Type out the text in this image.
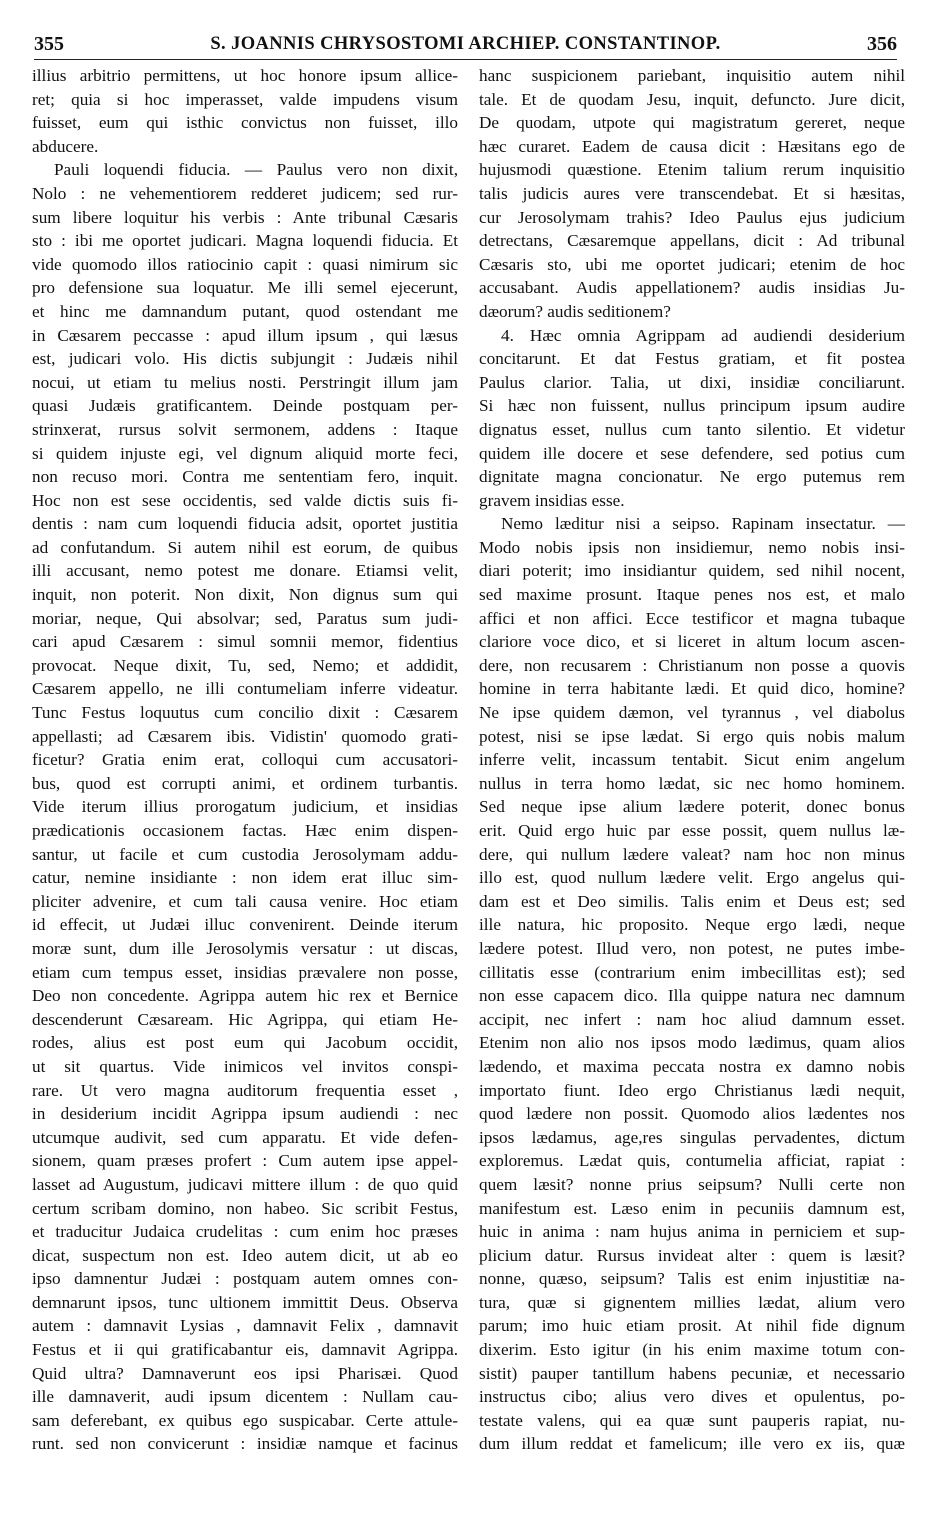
355	S. JOANNIS CHRYSOSTOMI ARCHIEP. CONSTANTINOP.	356
illius arbitrio permittens, ut hoc honore ipsum allice-
ret; quia si hoc imperasset, valde impudens visum
fuisset, eum qui isthic convictus non fuisset, illo
abducere.
Pauli loquendi fiducia. — Paulus vero non dixit,
Nolo : ne vehementiorem redderet judicem; sed rur-
sum libere loquitur his verbis : Ante tribunal Cæsaris
sto : ibi me oportet judicari. Magna loquendi fiducia. Et
vide quomodo illos ratiocinio capit : quasi nimirum sic
pro defensione sua loquatur. Me illi semel ejecerunt,
et hinc me damnandum putant, quod ostendant me
in Cæsarem peccasse : apud illum ipsum , qui læsus
est, judicari volo. His dictis subjungit : Judæis nihil
nocui, ut etiam tu melius nosti. Perstringit illum jam
quasi Judæis gratificantem. Deinde postquam per-
strinxerat, rursus solvit sermonem, addens : Itaque
si quidem injuste egi, vel dignum aliquid morte feci,
non recuso mori. Contra me sententiam fero, inquit.
Hoc non est sese occidentis, sed valde dictis suis fi-
dentis : nam cum loquendi fiducia adsit, oportet justitia
ad confutandum. Si autem nihil est eorum, de quibus
illi accusant, nemo potest me donare. Etiamsi velit,
inquit, non poterit. Non dixit, Non dignus sum qui
moriar, neque, Qui absolvar; sed, Paratus sum judi-
cari apud Cæsarem : simul somnii memor, fidentius
provocat. Neque dixit, Tu, sed, Nemo; et addidit,
Cæsarem appello, ne illi contumeliam inferre videatur.
Tunc Festus loquutus cum concilio dixit : Cæsarem
appellasti; ad Cæsarem ibis. Vidistin' quomodo grati-
ficetur? Gratia enim erat, colloqui cum accusatori-
bus, quod est corrupti animi, et ordinem turbantis.
Vide iterum illius prorogatum judicium, et insidias
prædicationis occasionem factas. Hæc enim dispen-
santur, ut facile et cum custodia Jerosolymam addu-
catur, nemine insidiante : non idem erat illuc sim-
pliciter advenire, et cum tali causa venire. Hoc etiam
id effecit, ut Judæi illuc convenirent. Deinde iterum
moræ sunt, dum ille Jerosolymis versatur : ut discas,
etiam cum tempus esset, insidias prævalere non posse,
Deo non concedente. Agrippa autem hic rex et Bernice
descenderunt Cæsaream. Hic Agrippa, qui etiam He-
rodes, alius est post eum qui Jacobum occidit,
ut sit quartus. Vide inimicos vel invitos conspi-
rare. Ut vero magna auditorum frequentia esset ,
in desiderium incidit Agrippa ipsum audiendi : nec
utcumque audivit, sed cum apparatu. Et vide defen-
sionem, quam præses profert : Cum autem ipse appel-
lasset ad Augustum, judicavi mittere illum : de quo quid
certum scribam domino, non habeo. Sic scribit Festus,
et traducitur Judaica crudelitas : cum enim hoc præses
dicat, suspectum non est. Ideo autem dicit, ut ab eo
ipso damnentur Judæi : postquam autem omnes con-
demnarunt ipsos, tunc ultionem immittit Deus. Observa
autem : damnavit Lysias , damnavit Felix , damnavit
Festus et ii qui gratificabantur eis, damnavit Agrippa.
Quid ultra? Damnaverunt eos ipsi Pharisæi. Quod
ille damnaverit, audi ipsum dicentem : Nullam cau-
sam deferebant, ex quibus ego suspicabar. Certe attule-
runt. sed non convicerunt : insidiæ namque et facinus
hanc suspicionem pariebant, inquisitio autem nihil
tale. Et de quodam Jesu, inquit, defuncto. Jure dicit,
De quodam, utpote qui magistratum gereret, neque
hæc curaret. Eadem de causa dicit : Hæsitans ego de
hujusmodi quæstione. Etenim talium rerum inquisitio
talis judicis aures vere transcendebat. Et si hæsitas,
cur Jerosolymam trahis? Ideo Paulus ejus judicium
detrectans, Cæsaremque appellans, dicit : Ad tribunal
Cæsaris sto, ubi me oportet judicari; etenim de hoc
accusabant. Audis appellationem? audis insidias Ju-
dæorum? audis seditionem?
4. Hæc omnia Agrippam ad audiendi desiderium
concitarunt. Et dat Festus gratiam, et fit postea
Paulus clarior. Talia, ut dixi, insidiæ conciliarunt.
Si hæc non fuissent, nullus principum ipsum audire
dignatus esset, nullus cum tanto silentio. Et videtur
quidem ille docere et sese defendere, sed potius cum
dignitate magna concionatur. Ne ergo putemus rem
gravem insidias esse.
Nemo læditur nisi a seipso. Rapinam insectatur. —
Modo nobis ipsis non insidiemur, nemo nobis insi-
diari poterit; imo insidiantur quidem, sed nihil nocent,
sed maxime prosunt. Itaque penes nos est, et malo
affici et non affici. Ecce testificor et magna tubaque
clariore voce dico, et si liceret in altum locum ascen-
dere, non recusarem : Christianum non posse a quovis
homine in terra habitante lædi. Et quid dico, homine?
Ne ipse quidem dæmon, vel tyrannus , vel diabolus
potest, nisi se ipse lædat. Si ergo quis nobis malum
inferre velit, incassum tentabit. Sicut enim angelum
nullus in terra homo lædat, sic nec homo hominem.
Sed neque ipse alium lædere poterit, donec bonus
erit. Quid ergo huic par esse possit, quem nullus læ-
dere, qui nullum lædere valeat? nam hoc non minus
illo est, quod nullum lædere velit. Ergo angelus qui-
dam est et Deo similis. Talis enim et Deus est; sed
ille natura, hic proposito. Neque ergo lædi, neque
lædere potest. Illud vero, non potest, ne putes imbe-
cillitatis esse (contrarium enim imbecillitas est); sed
non esse capacem dico. Illa quippe natura nec damnum
accipit, nec infert : nam hoc aliud damnum esset.
Etenim non alio nos ipsos modo lædimus, quam alios
lædendo, et maxima peccata nostra ex damno nobis
importato fiunt. Ideo ergo Christianus lædi nequit,
quod lædere non possit. Quomodo alios lædentes nos
ipsos lædamus, age,res singulas pervadentes, dictum
exploremus. Lædat quis, contumelia afficiat, rapiat :
quem læsit? nonne prius seipsum? Nulli certe non
manifestum est. Læso enim in pecuniis damnum est,
huic in anima : nam hujus anima in perniciem et sup-
plicium datur. Rursus invideat alter : quem is læsit?
nonne, quæso, seipsum? Talis est enim injustitiæ na-
tura, quæ si gignentem millies lædat, alium vero
parum; imo huic etiam prosit. At nihil fide dignum
dixerim. Esto igitur (in his enim maxime totum con-
sistit) pauper tantillum habens pecuniæ, et necessario
instructus cibo; alius vero dives et opulentus, po-
testate valens, qui ea quæ sunt pauperis rapiat, nu-
dum illum reddat et famelicum; ille vero ex iis, quæ
